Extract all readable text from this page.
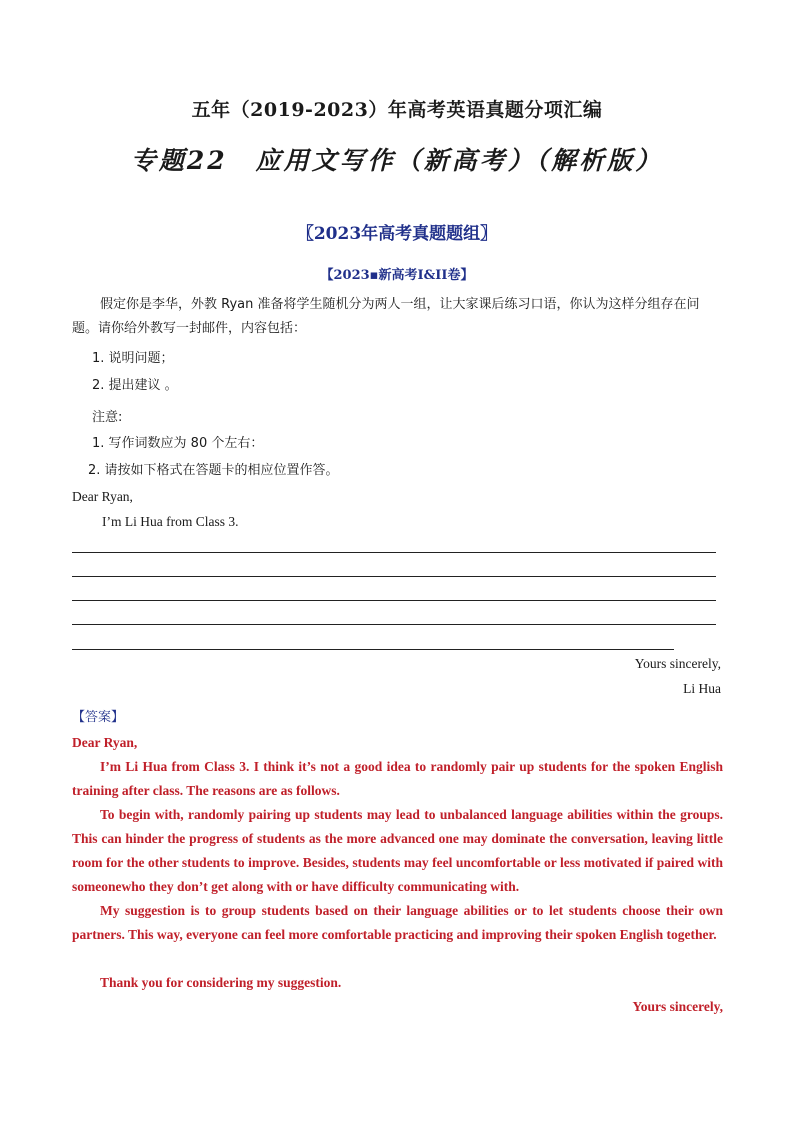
五年（2019-2023）年高考英语真题分项汇编
专题22　应用文写作（新高考）（解析版）
〖2023年高考真题题组〗
【2023▪新高考I&II卷】
假定你是李华，外教 Ryan 准备将学生随机分为两人一组，让大家课后练习口语，你认为这样分组存在问题。请你给外教写一封邮件，内容包括：
1. 说明问题；
2. 提出建议 。
注意:
1. 写作词数应为 80 个左右：
2. 请按如下格式在答题卡的相应位置作答。
Dear Ryan,
I’m Li Hua from Class 3.
Yours sincerely,
Li Hua
【答案】
Dear Ryan,
I’m Li Hua from Class 3. I think it’s not a good idea to randomly pair up students for the spoken English training after class. The reasons are as follows.
To begin with, randomly pairing up students may lead to unbalanced language abilities within the groups. This can hinder the progress of students as the more advanced one may dominate the conversation, leaving little room for the other students to improve. Besides, students may feel uncomfortable or less motivated if paired with someonewho they don’t get along with or have difficulty communicating with.
My suggestion is to group students based on their language abilities or to let students choose their own partners. This way, everyone can feel more comfortable practicing and improving their spoken English together.
Thank you for considering my suggestion.
Yours sincerely,
